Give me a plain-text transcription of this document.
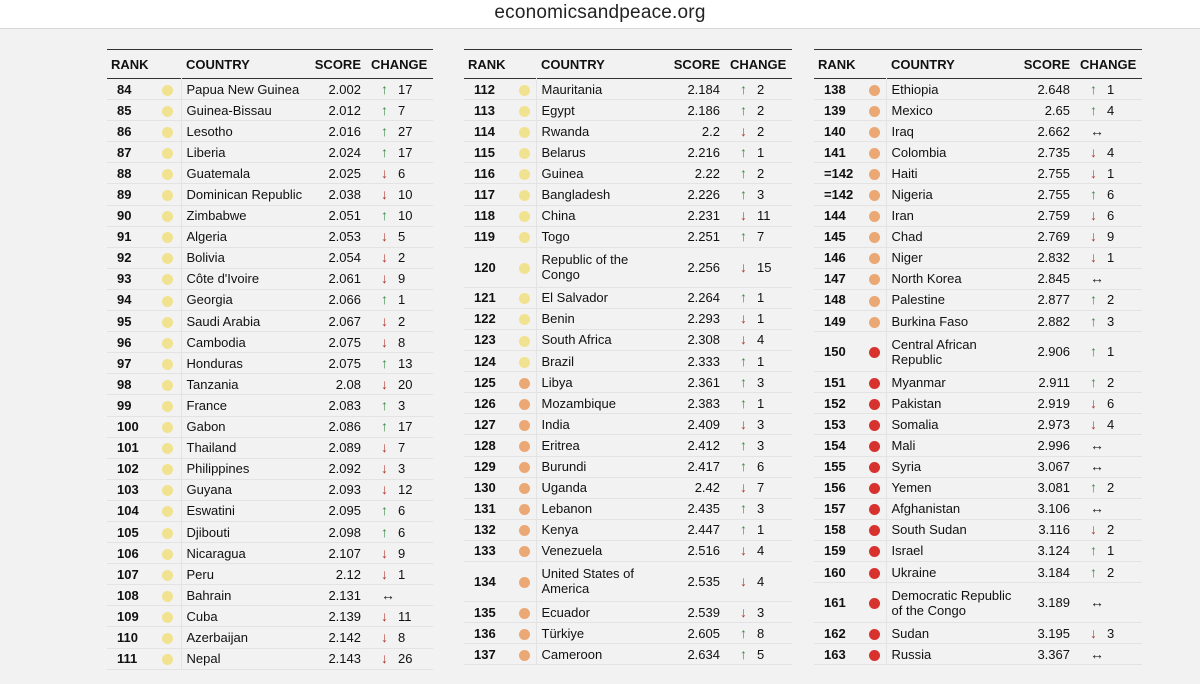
economicsandpeace.org
RANK		COUNTRY	SCORE	CHANGE
84		Papua New Guinea	2.002	↑ 17
85		Guinea-Bissau	2.012	↑ 7
86		Lesotho	2.016	↑ 27
87		Liberia	2.024	↑ 17
88		Guatemala	2.025	↓ 6
89		Dominican Republic	2.038	↓ 10
90		Zimbabwe	2.051	↑ 10
91		Algeria	2.053	↓ 5
92		Bolivia	2.054	↓ 2
93		Côte d'Ivoire	2.061	↓ 9
94		Georgia	2.066	↑ 1
95		Saudi Arabia	2.067	↓ 2
96		Cambodia	2.075	↓ 8
97		Honduras	2.075	↑ 13
98		Tanzania	2.08	↓ 20
99		France	2.083	↑ 3
100		Gabon	2.086	↑ 17
101		Thailand	2.089	↓ 7
102		Philippines	2.092	↓ 3
103		Guyana	2.093	↓ 12
104		Eswatini	2.095	↑ 6
105		Djibouti	2.098	↑ 6
106		Nicaragua	2.107	↓ 9
107		Peru	2.12	↓ 1
108		Bahrain	2.131	↔
109		Cuba	2.139	↓ 11
110		Azerbaijan	2.142	↓ 8
111		Nepal	2.143	↓ 26
RANK		COUNTRY	SCORE	CHANGE
112		Mauritania	2.184	↑ 2
113		Egypt	2.186	↑ 2
114		Rwanda	2.2	↓ 2
115		Belarus	2.216	↑ 1
116		Guinea	2.22	↑ 2
117		Bangladesh	2.226	↑ 3
118		China	2.231	↓ 11
119		Togo	2.251	↑ 7
120		Republic of the Congo	2.256	↓ 15
121		El Salvador	2.264	↑ 1
122		Benin	2.293	↓ 1
123		South Africa	2.308	↓ 4
124		Brazil	2.333	↑ 1
125		Libya	2.361	↑ 3
126		Mozambique	2.383	↑ 1
127		India	2.409	↓ 3
128		Eritrea	2.412	↑ 3
129		Burundi	2.417	↑ 6
130		Uganda	2.42	↓ 7
131		Lebanon	2.435	↑ 3
132		Kenya	2.447	↑ 1
133		Venezuela	2.516	↓ 4
134		United States of America	2.535	↓ 4
135		Ecuador	2.539	↓ 3
136		Türkiye	2.605	↑ 8
137		Cameroon	2.634	↑ 5
RANK		COUNTRY	SCORE	CHANGE
138		Ethiopia	2.648	↑ 1
139		Mexico	2.65	↑ 4
140		Iraq	2.662	↔
141		Colombia	2.735	↓ 4
=142		Haiti	2.755	↓ 1
=142		Nigeria	2.755	↑ 6
144		Iran	2.759	↓ 6
145		Chad	2.769	↓ 9
146		Niger	2.832	↓ 1
147		North Korea	2.845	↔
148		Palestine	2.877	↑ 2
149		Burkina Faso	2.882	↑ 3
150		Central African Republic	2.906	↑ 1
151		Myanmar	2.911	↑ 2
152		Pakistan	2.919	↓ 6
153		Somalia	2.973	↓ 4
154		Mali	2.996	↔
155		Syria	3.067	↔
156		Yemen	3.081	↑ 2
157		Afghanistan	3.106	↔
158		South Sudan	3.116	↓ 2
159		Israel	3.124	↑ 1
160		Ukraine	3.184	↑ 2
161		Democratic Republic of the Congo	3.189	↔
162		Sudan	3.195	↓ 3
163		Russia	3.367	↔
